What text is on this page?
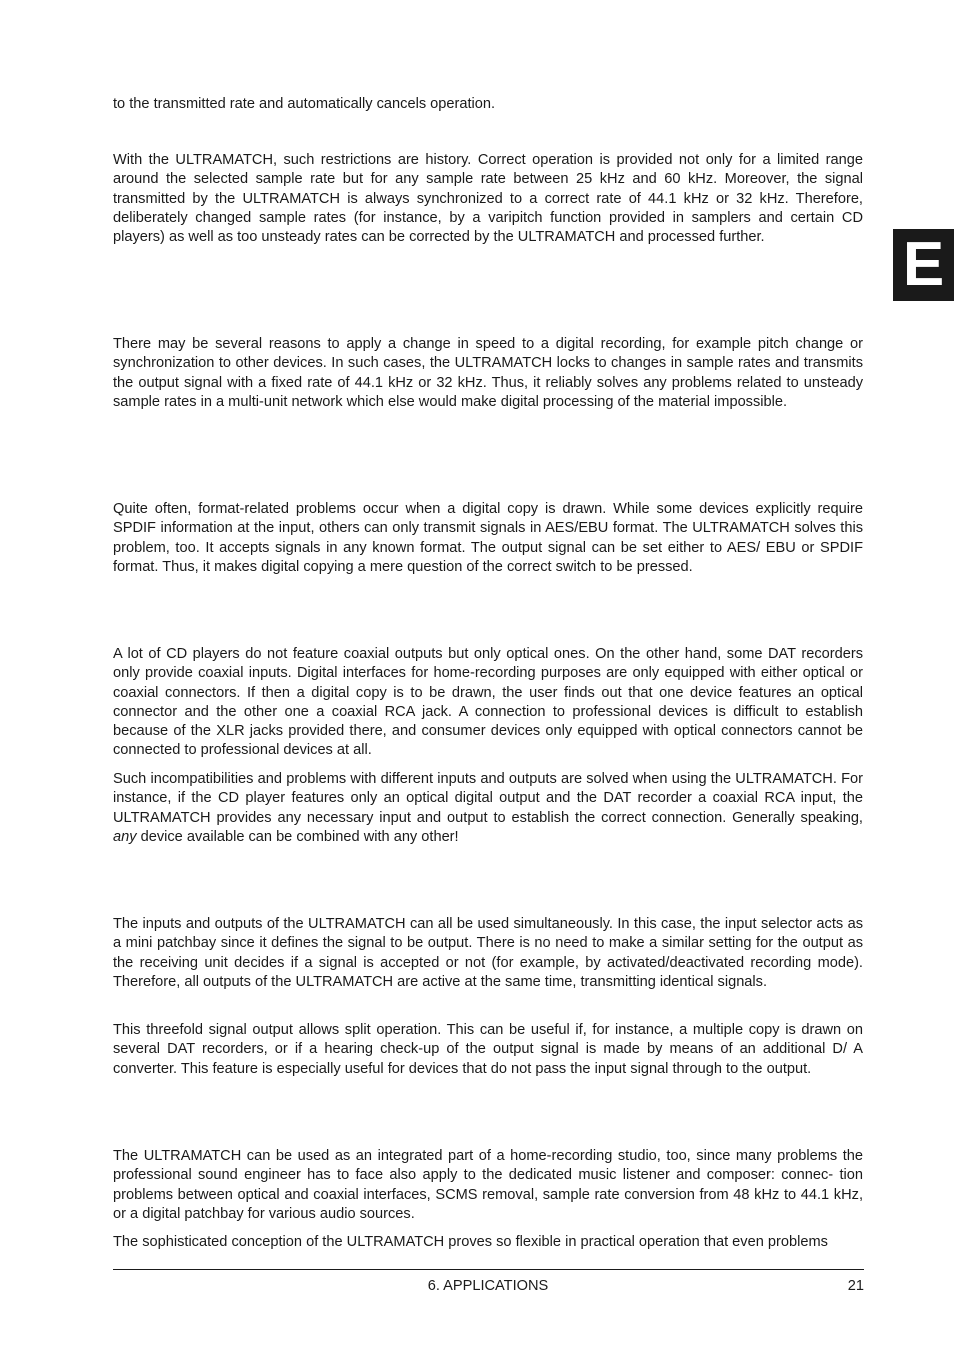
E

to the transmitted rate and automatically cancels operation.

With the ULTRAMATCH, such restrictions are history. Correct operation is provided not only for a limited range around the selected sample rate but for any sample rate between 25 kHz and 60 kHz. Moreover, the signal transmitted by the ULTRAMATCH is always synchronized to a correct rate of 44.1 kHz or 32 kHz. Therefore, deliberately changed sample rates (for instance, by a varipitch function provided in samplers and certain CD players) as well as too unsteady rates can be corrected by the ULTRAMATCH and processed further.

There may be several reasons to apply a change in speed to a digital recording, for example pitch change or synchronization to other devices. In such cases, the ULTRAMATCH locks to changes in sample rates and transmits the output signal with a fixed rate of 44.1 kHz or 32 kHz. Thus, it reliably solves any problems related to unsteady sample rates in a multi-unit network which else would make digital processing of the material impossible.

Quite often, format-related problems occur when a digital copy is drawn. While some devices explicitly require SPDIF information at the input, others can only transmit signals in AES/EBU format. The ULTRAMATCH solves this problem, too. It accepts signals in any known format. The output signal can be set either to AES/ EBU or SPDIF format. Thus, it makes digital copying a mere question of the correct switch to be pressed.

A lot of CD players do not feature coaxial outputs but only optical ones. On the other hand, some DAT recorders only provide coaxial inputs. Digital interfaces for home-recording purposes are only equipped with either optical or coaxial connectors. If then a digital copy is to be drawn, the user finds out that one device features an optical connector and the other one a coaxial RCA jack. A connection to professional devices is difficult to establish because of the XLR jacks provided there, and consumer devices only equipped with optical connectors cannot be connected to professional devices at all.

Such incompatibilities and problems with different inputs and outputs are solved when using the ULTRAMATCH. For instance, if the CD player features only an optical digital output and the DAT recorder a coaxial RCA input, the ULTRAMATCH provides any necessary input and output to establish the correct connection. Generally speaking, any device available can be combined with any other!

The inputs and outputs of the ULTRAMATCH can all be used simultaneously. In this case, the input selector acts as a mini patchbay since it defines the signal to be output. There is no need to make a similar setting for the output as the receiving unit decides if a signal is accepted or not (for example, by activated/deactivated recording mode). Therefore, all outputs of the ULTRAMATCH are active at the same time, transmitting identical signals.

This threefold signal output allows split operation. This can be useful if, for instance, a multiple copy is drawn on several DAT recorders, or if a hearing check-up of the output signal is made by means of an additional D/ A converter. This feature is especially useful for devices that do not pass the input signal through to the output.

The ULTRAMATCH can be used as an integrated part of a home-recording studio, too, since many problems the professional sound engineer has to face also apply to the dedicated music listener and composer: connec- tion problems between optical and coaxial interfaces, SCMS removal, sample rate conversion from 48 kHz to 44.1 kHz, or a digital patchbay for various audio sources.

The sophisticated conception of the ULTRAMATCH proves so flexible in practical operation that even problems

6. APPLICATIONS	21
